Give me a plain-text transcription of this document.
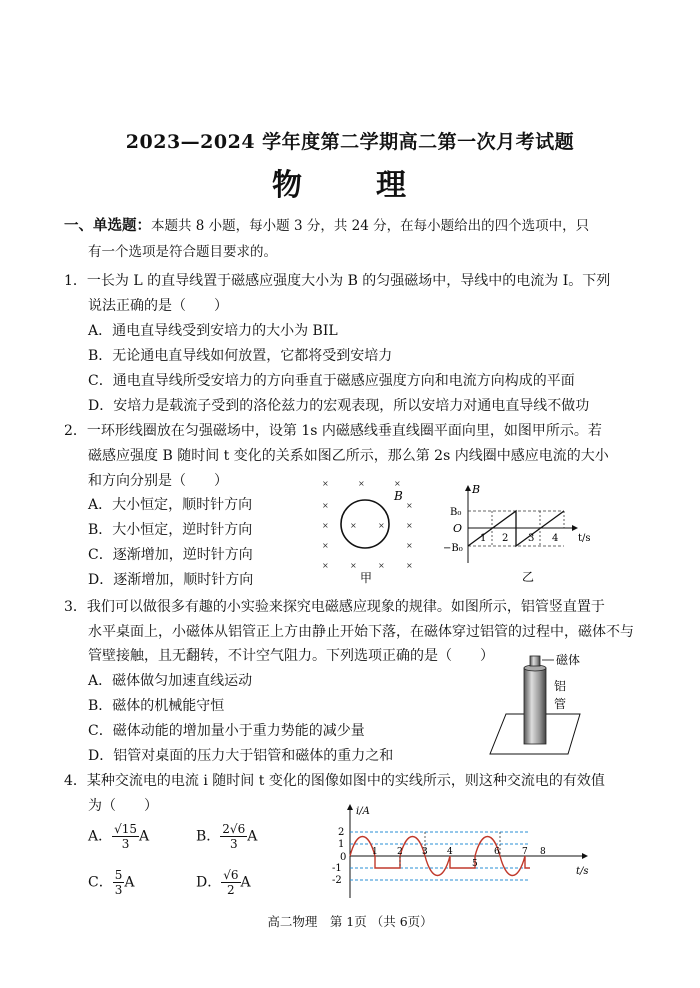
2023—2024 学年度第二学期高二第一次月考试题
物　理
一、单选题：本题共 8 小题，每小题 3 分，共 24 分，在每小题给出的四个选项中，只
有一个选项是符合题目要求的。
1．一长为 L 的直导线置于磁感应强度大小为 B 的匀强磁场中，导线中的电流为 I。下列
说法正确的是（　　）
A．通电直导线受到安培力的大小为 BIL
B．无论通电直导线如何放置，它都将受到安培力
C．通电直导线所受安培力的方向垂直于磁感应强度方向和电流方向构成的平面
D．安培力是载流子受到的洛伦兹力的宏观表现，所以安培力对通电直导线不做功
2．一环形线圈放在匀强磁场中，设第 1s 内磁感线垂直线圈平面向里，如图甲所示。若
磁感应强度 B 随时间 t 变化的关系如图乙所示，那么第 2s 内线圈中感应电流的大小
和方向分别是（　　）
A．大小恒定，顺时针方向
B．大小恒定，逆时针方向
C．逐渐增加，逆时针方向
D．逐渐增加，顺时针方向
×	×	×
×	×
×	×	×	×
×	×
×	×	×	×
B
甲
B
B₀
O
−B₀
t/s
1 2 3 4
乙
3．我们可以做很多有趣的小实验来探究电磁感应现象的规律。如图所示，铝管竖直置于
水平桌面上，小磁体从铝管正上方由静止开始下落，在磁体穿过铝管的过程中，磁体不与
管壁接触，且无翻转，不计空气阻力。下列选项正确的是（　　）
A．磁体做匀加速直线运动
B．磁体的机械能守恒
C．磁体动能的增加量小于重力势能的减少量
D．铝管对桌面的压力大于铝管和磁体的重力之和
磁体
铝
管
4．某种交流电的电流 i 随时间 t 变化的图像如图中的实线所示，则这种交流电的有效值
为（　　）
A． $\frac{√15}{3}$ A	B． $\frac{2√6}{3}$ A
C． $\frac{5}{3}$ A	D． $\frac{√6}{2}$ A
i/A
t/s
2
1
-1
-2
0	1 2 3 4
5
6 7 8
高二物理　第 1页 （共 6页）
